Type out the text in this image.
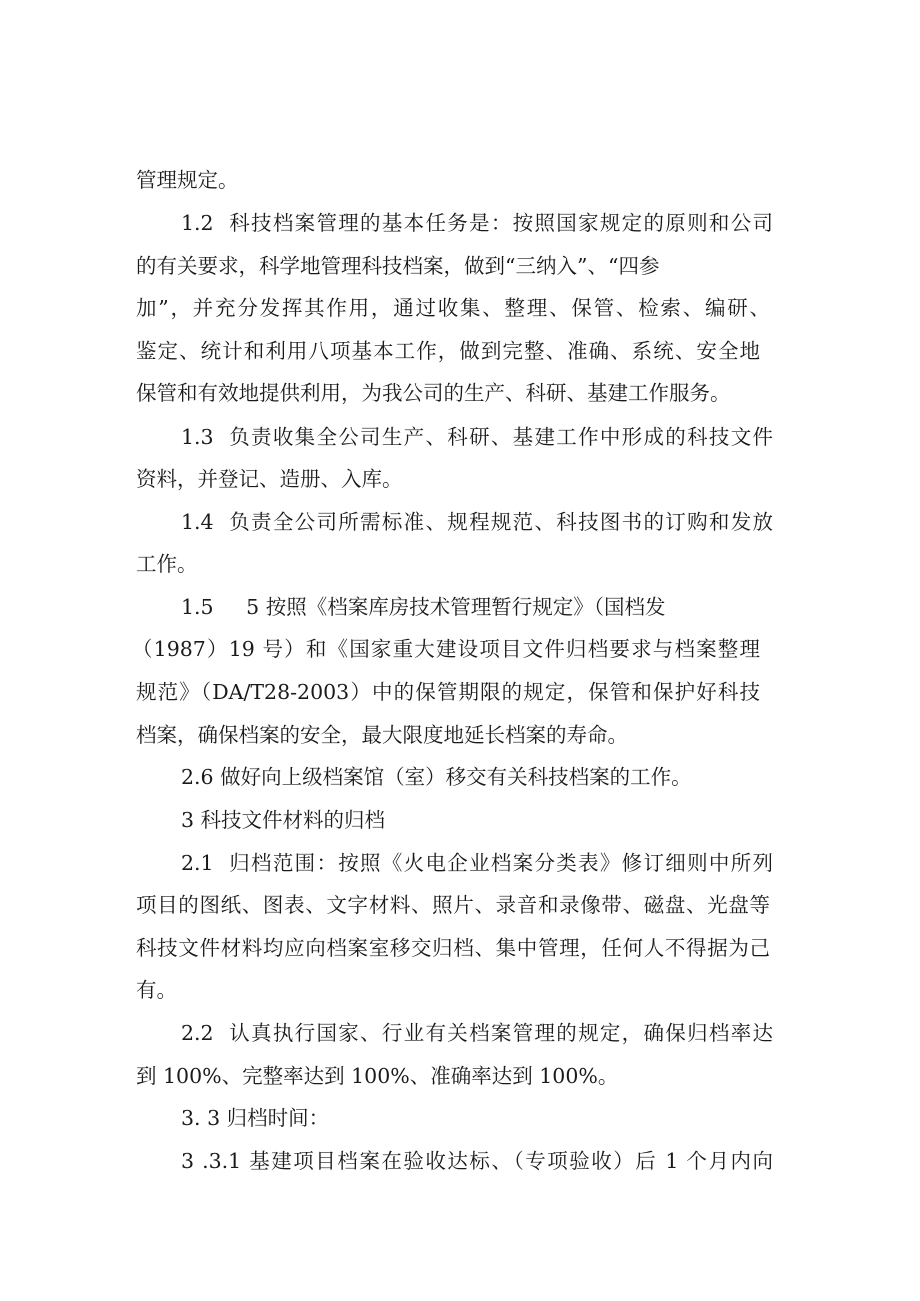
管理规定。
1.2  科技档案管理的基本任务是：按照国家规定的原则和公司
的有关要求，科学地管理科技档案，做到“三纳入”、“四参
加”，并充分发挥其作用，通过收集、整理、保管、检索、编研、
鉴定、统计和利用八项基本工作，做到完整、准确、系统、安全地
保管和有效地提供利用，为我公司的生产、科研、基建工作服务。
1.3  负责收集全公司生产、科研、基建工作中形成的科技文件
资料，并登记、造册、入库。
1.4  负责全公司所需标准、规程规范、科技图书的订购和发放
工作。
1.5     5 按照《档案库房技术管理暂行规定》（国档发
（1987）19 号）和《国家重大建设项目文件归档要求与档案整理
规范》（DA/T28-2003）中的保管期限的规定，保管和保护好科技
档案，确保档案的安全，最大限度地延长档案的寿命。
2.6 做好向上级档案馆（室）移交有关科技档案的工作。
3 科技文件材料的归档
2.1  归档范围：按照《火电企业档案分类表》修订细则中所列
项目的图纸、图表、文字材料、照片、录音和录像带、磁盘、光盘等
科技文件材料均应向档案室移交归档、集中管理，任何人不得据为己
有。
2.2  认真执行国家、行业有关档案管理的规定，确保归档率达
到 100%、完整率达到 100%、准确率达到 100%。
3. 3 归档时间：
3 .3.1 基建项目档案在验收达标、（专项验收）后 1 个月内向
